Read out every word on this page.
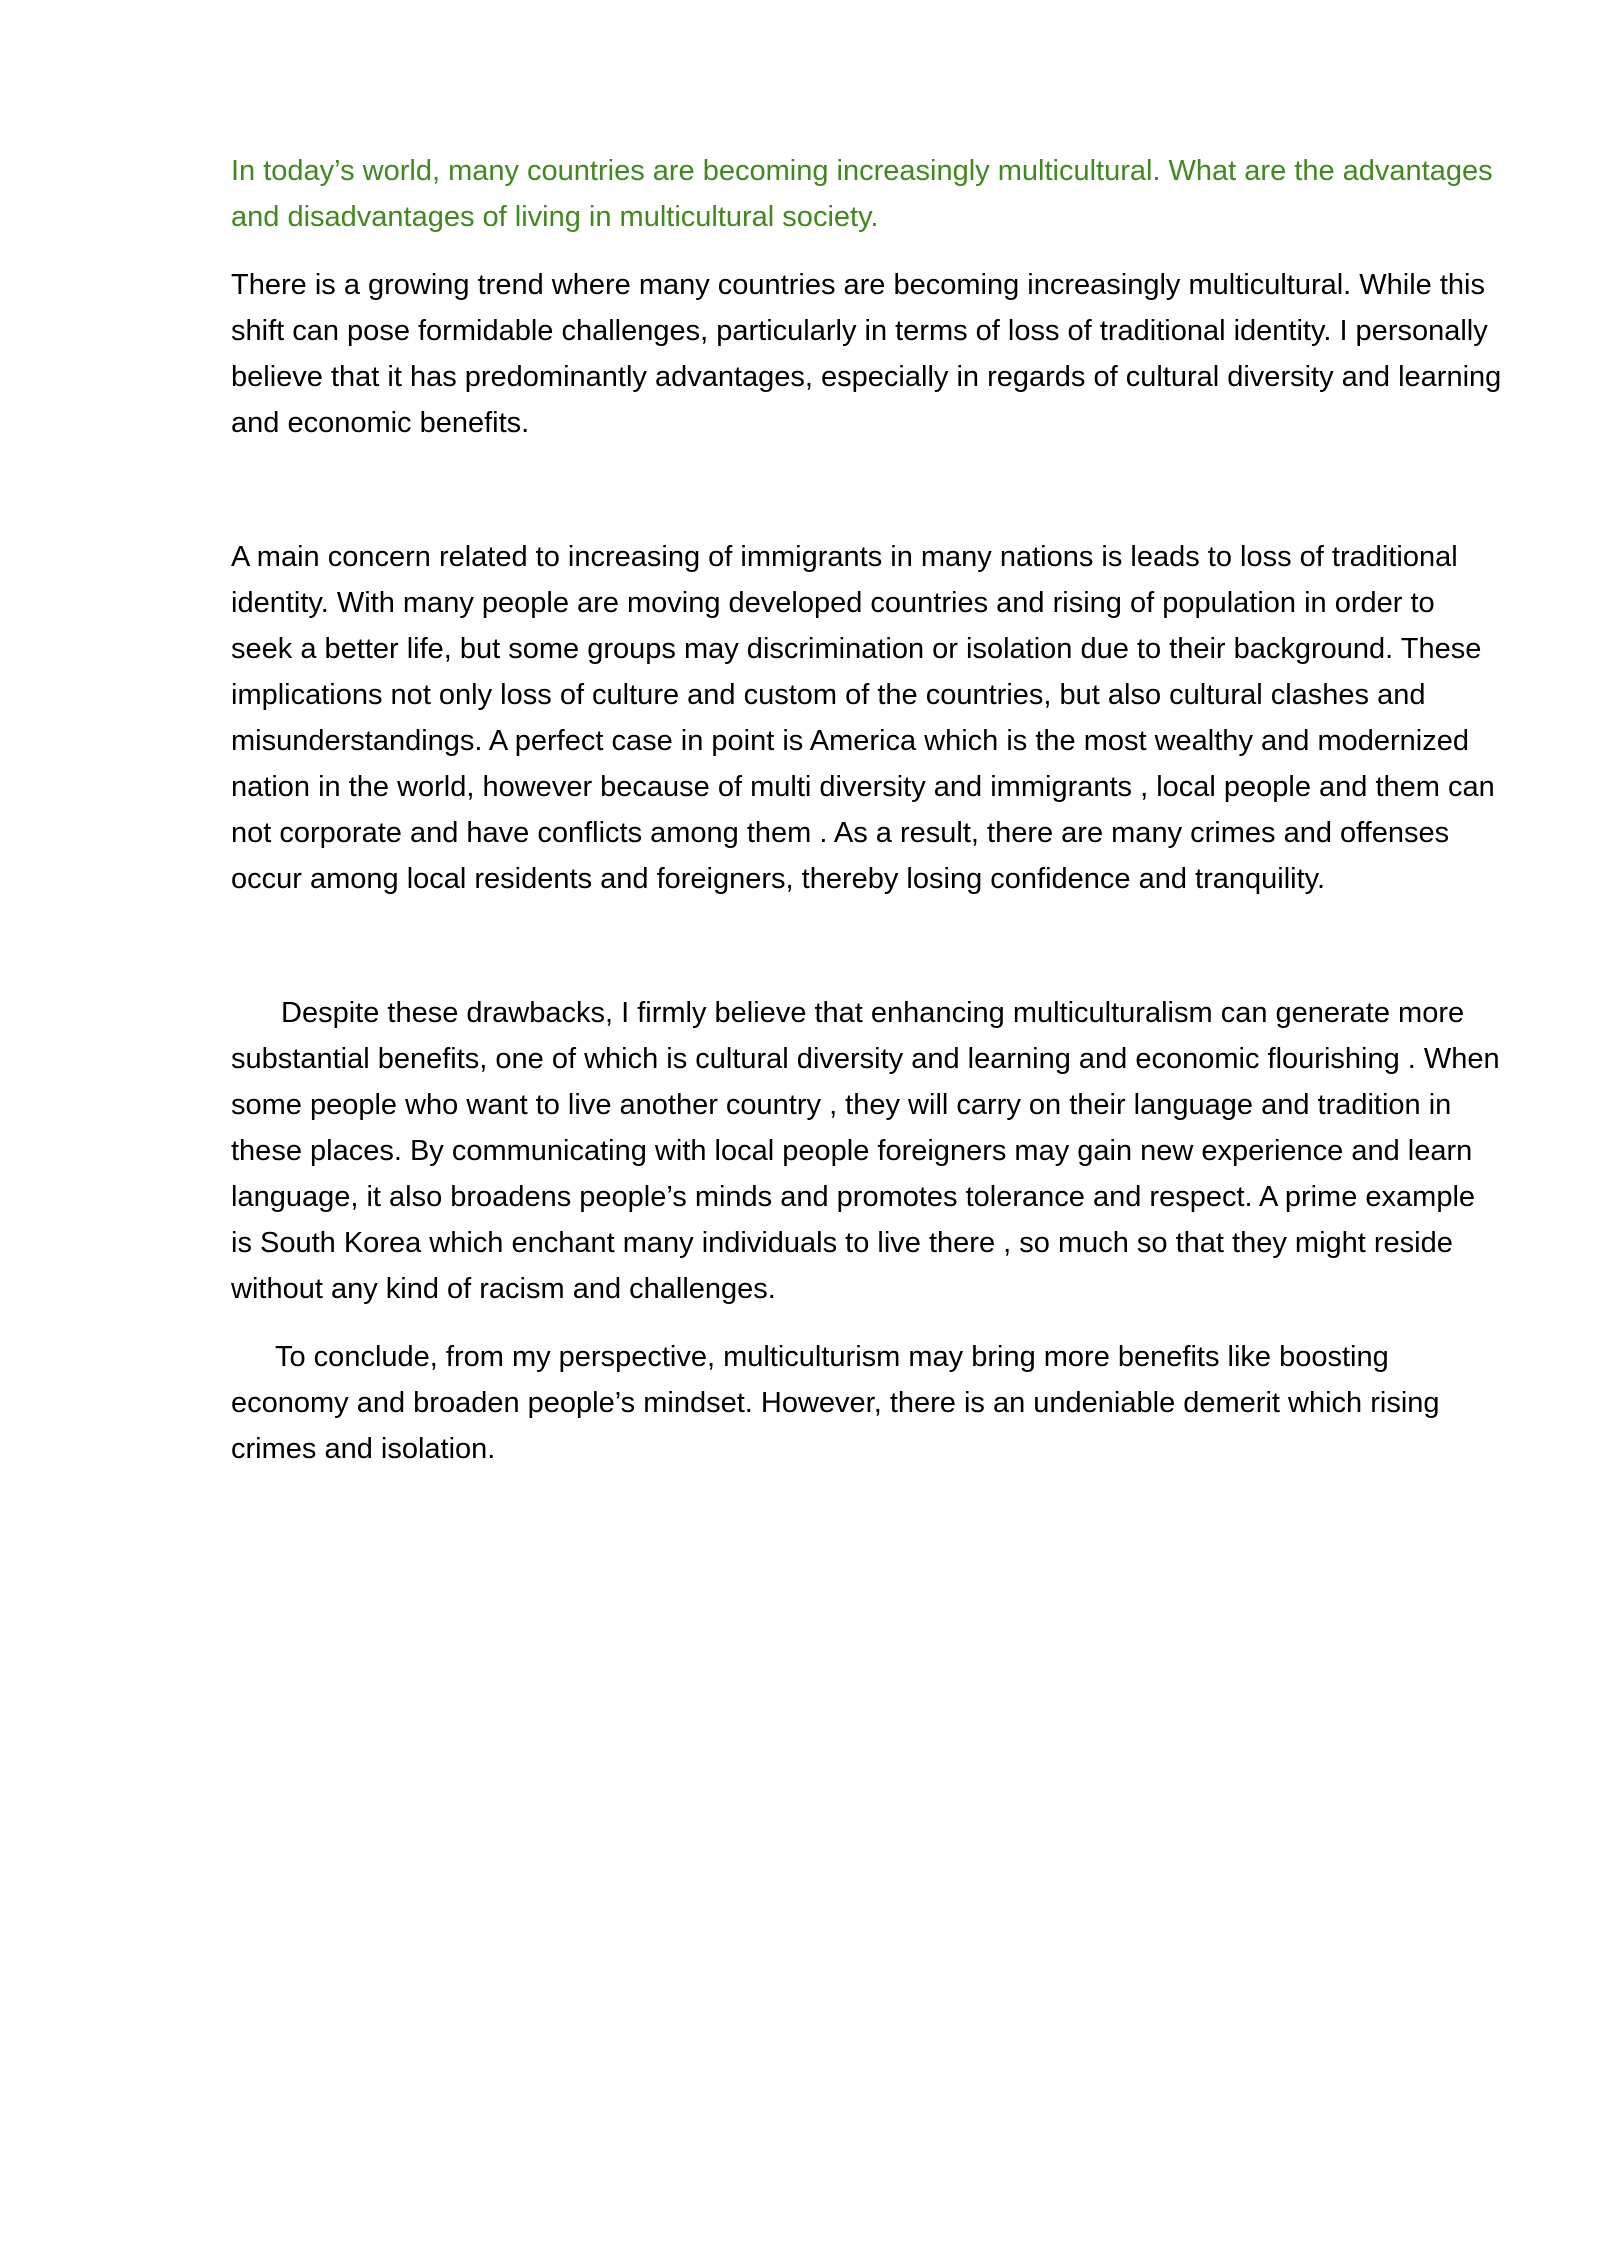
In today’s world, many countries are becoming increasingly multicultural. What are the advantages and disadvantages of living in multicultural society.

There is a growing trend where many countries are becoming increasingly multicultural. While this shift can pose formidable challenges, particularly in terms of loss of traditional identity. I personally believe that it has predominantly advantages, especially in regards of cultural diversity and learning and economic benefits.

A main concern related to increasing of immigrants in many nations is leads to loss of traditional identity. With many people are moving developed countries and rising of population in order to seek a better life, but some groups may discrimination or isolation due to their background. These implications not only loss of culture and custom of the countries, but also cultural clashes and misunderstandings. A perfect case in point is America which is the most wealthy and modernized nation in the world, however because of multi diversity and immigrants , local people and them can not corporate and have conflicts among them . As a result, there are many crimes and offenses occur among local residents and foreigners, thereby losing confidence and tranquility.

Despite these drawbacks, I firmly believe that enhancing multiculturalism can generate more substantial benefits, one of which is cultural diversity and learning and economic flourishing . When some people who want to live another country , they will carry on their language and tradition in these places. By communicating with local people foreigners may gain new experience and learn language, it also broadens people’s minds and promotes tolerance and respect. A prime example is South Korea which enchant many individuals to live there , so much so that they might reside without any kind of racism and challenges.

To conclude, from my perspective, multiculturism may bring more benefits like boosting economy and broaden people’s mindset. However, there is an undeniable demerit which rising crimes and isolation.
